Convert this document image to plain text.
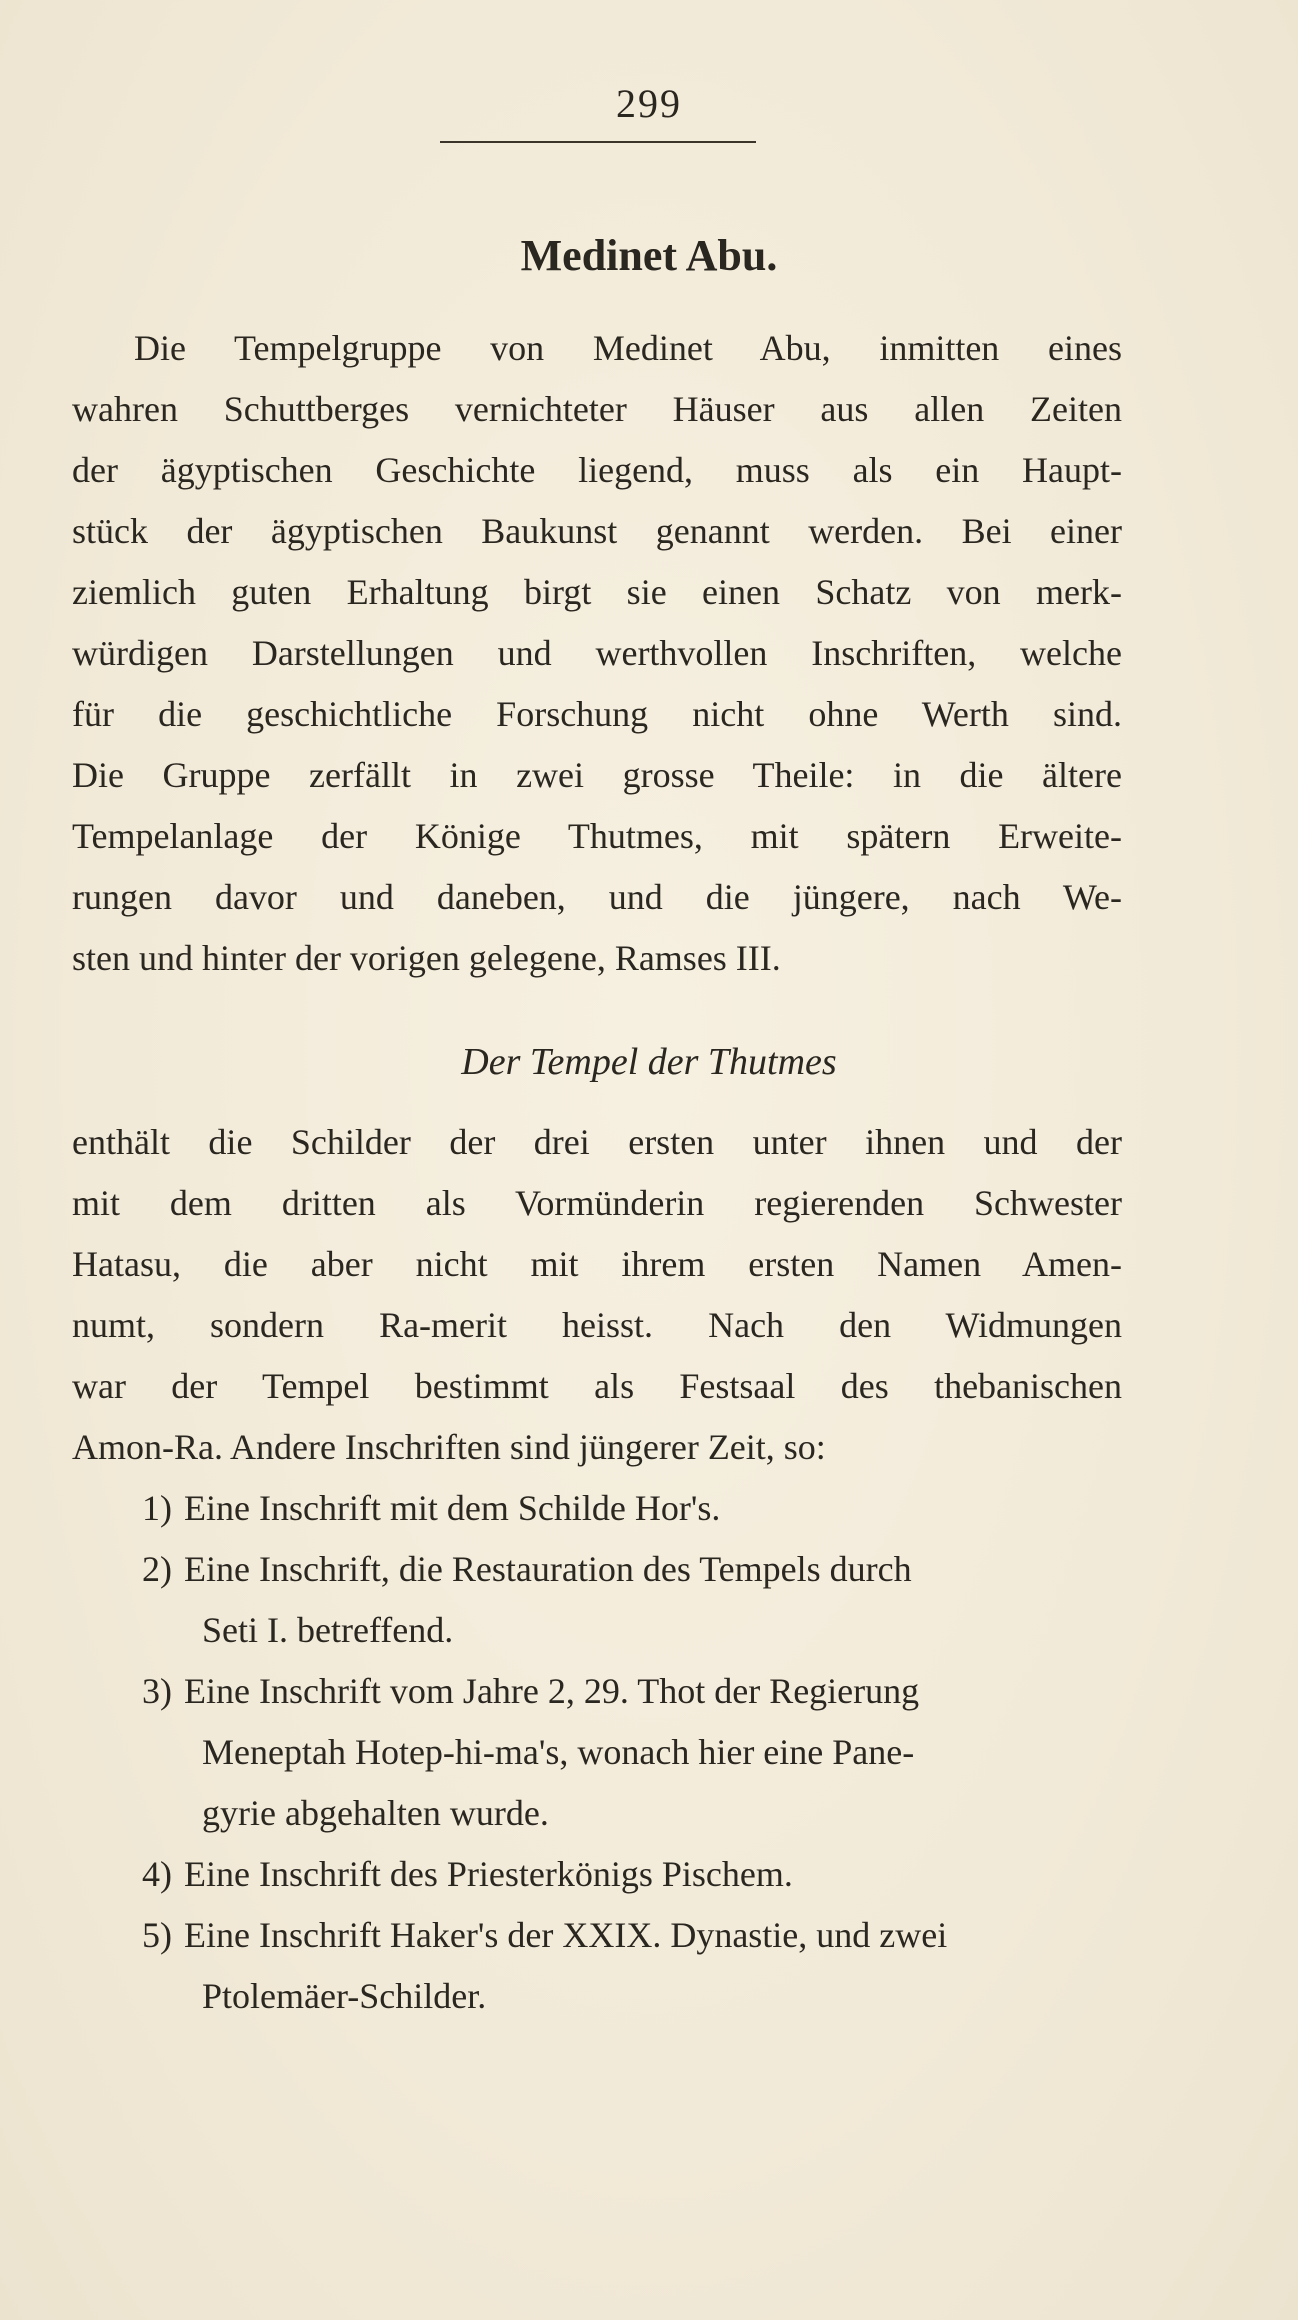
299
Medinet Abu.
Die Tempelgruppe von Medinet Abu, inmitten eines
wahren Schuttberges vernichteter Häuser aus allen Zeiten
der ägyptischen Geschichte liegend, muss als ein Haupt-
stück der ägyptischen Baukunst genannt werden. Bei einer
ziemlich guten Erhaltung birgt sie einen Schatz von merk-
würdigen Darstellungen und werthvollen Inschriften, welche
für die geschichtliche Forschung nicht ohne Werth sind.
Die Gruppe zerfällt in zwei grosse Theile: in die ältere
Tempelanlage der Könige Thutmes, mit spätern Erweite-
rungen davor und daneben, und die jüngere, nach We-
sten und hinter der vorigen gelegene, Ramses III.
Der Tempel der Thutmes
enthält die Schilder der drei ersten unter ihnen und der
mit dem dritten als Vormünderin regierenden Schwester
Hatasu, die aber nicht mit ihrem ersten Namen Amen-
numt, sondern Ra-merit heisst. Nach den Widmungen
war der Tempel bestimmt als Festsaal des thebanischen
Amon-Ra. Andere Inschriften sind jüngerer Zeit, so:
1) Eine Inschrift mit dem Schilde Hor's.
2) Eine Inschrift, die Restauration des Tempels durch
Seti I. betreffend.
3) Eine Inschrift vom Jahre 2, 29. Thot der Regierung
Meneptah Hotep-hi-ma's, wonach hier eine Pane-
gyrie abgehalten wurde.
4) Eine Inschrift des Priesterkönigs Pischem.
5) Eine Inschrift Haker's der XXIX. Dynastie, und zwei
Ptolemäer-Schilder.
